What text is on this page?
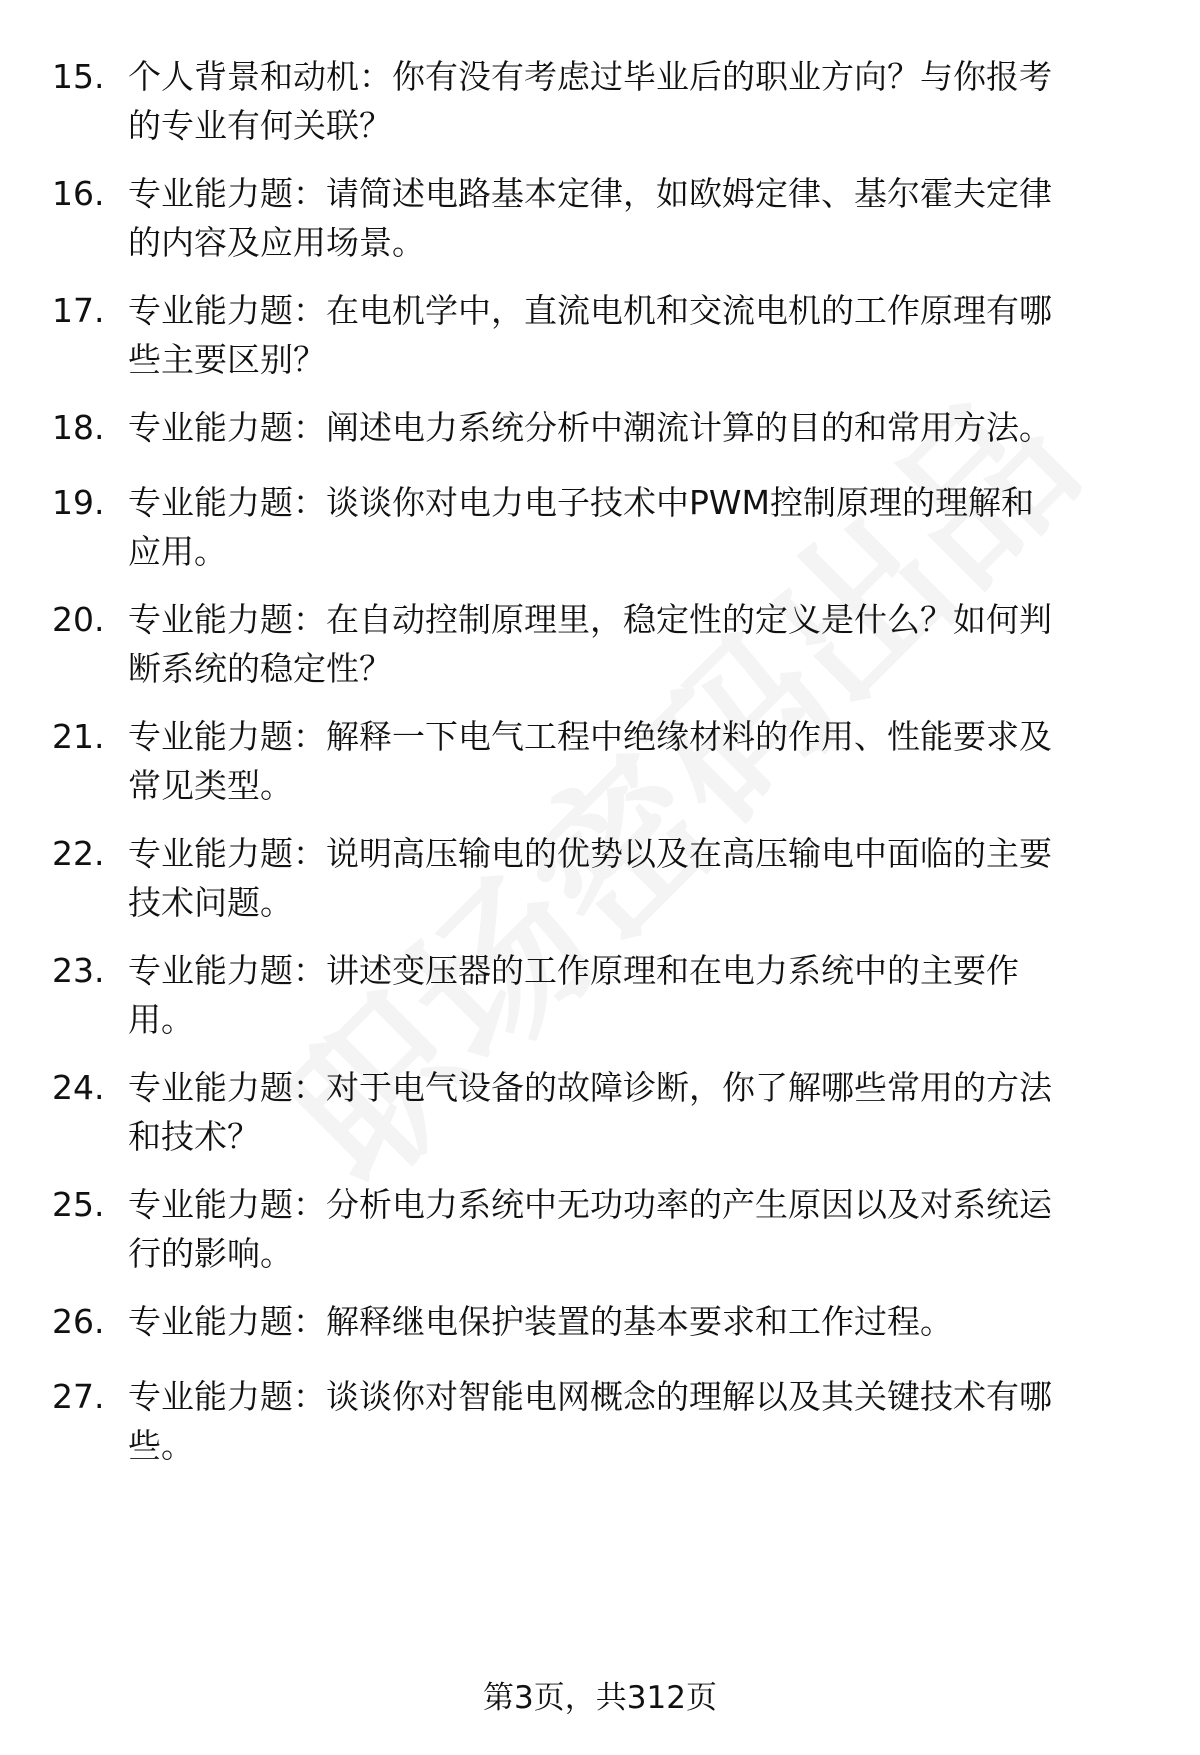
15. 个人背景和动机：你有没有考虑过毕业后的职业方向？与你报考
的专业有何关联？
16. 专业能力题：请简述电路基本定律，如欧姆定律、基尔霍夫定律
的内容及应用场景。
17. 专业能力题：在电机学中，直流电机和交流电机的工作原理有哪
些主要区别？
18. 专业能力题：阐述电力系统分析中潮流计算的目的和常用方法。
19. 专业能力题：谈谈你对电力电子技术中PWM控制原理的理解和
应用。
20. 专业能力题：在自动控制原理里，稳定性的定义是什么？如何判
断系统的稳定性？
21. 专业能力题：解释一下电气工程中绝缘材料的作用、性能要求及
常见类型。
22. 专业能力题：说明高压输电的优势以及在高压输电中面临的主要
技术问题。
23. 专业能力题：讲述变压器的工作原理和在电力系统中的主要作
用。
24. 专业能力题：对于电气设备的故障诊断，你了解哪些常用的方法
和技术？
25. 专业能力题：分析电力系统中无功功率的产生原因以及对系统运
行的影响。
26. 专业能力题：解释继电保护装置的基本要求和工作过程。
27. 专业能力题：谈谈你对智能电网概念的理解以及其关键技术有哪
些。
第3页，共312页
